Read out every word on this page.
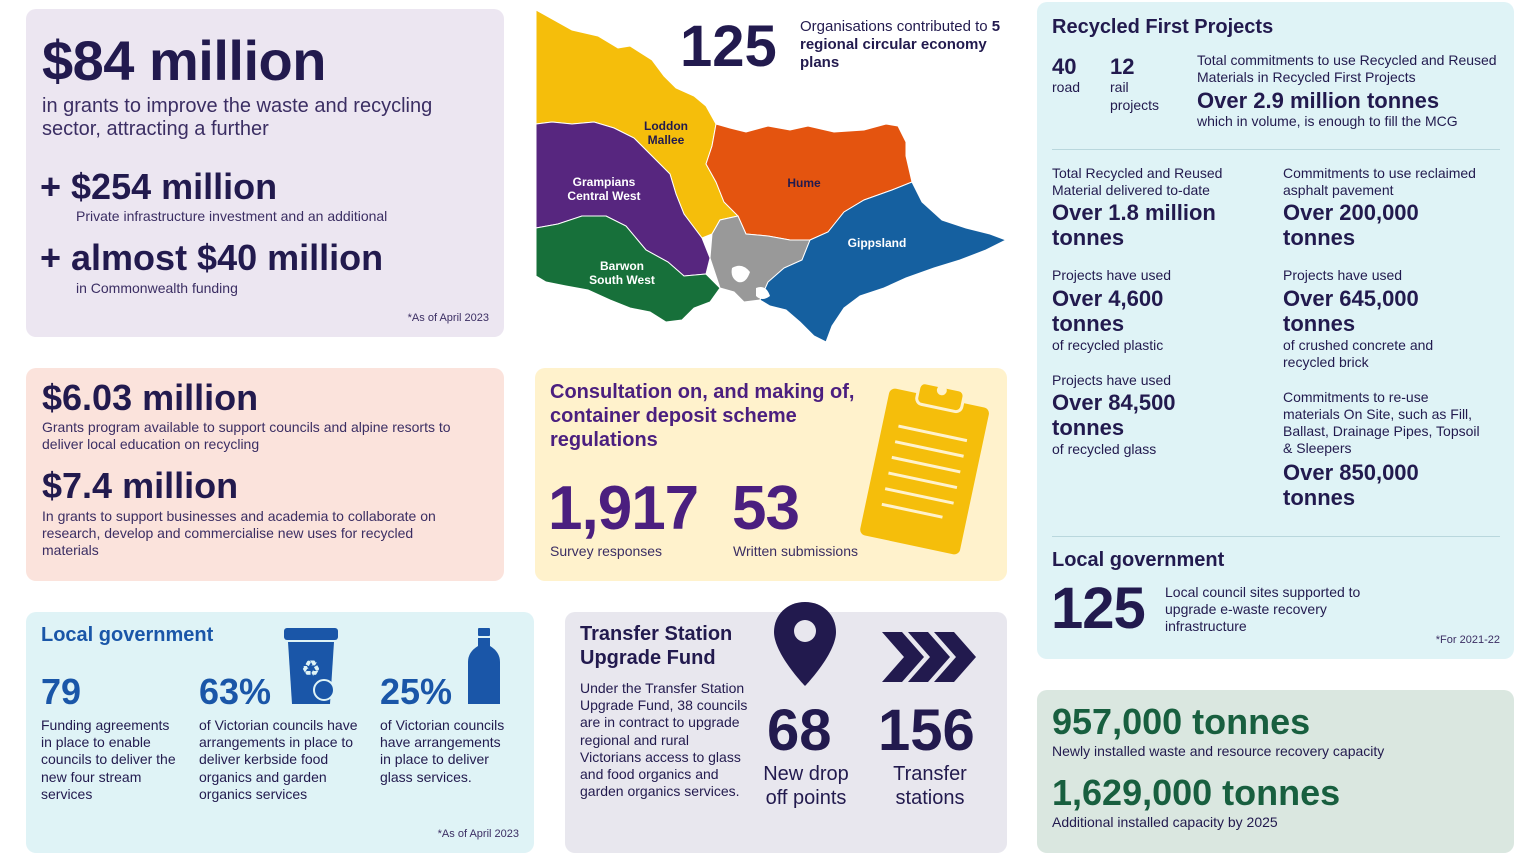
$84 million
in grants to improve the waste and recycling sector, attracting a further
+ $254 million
Private infrastructure investment and an additional
+ almost $40 million
in Commonwealth funding
*As of April 2023
Loddon Mallee
Grampians Central West
Hume
Gippsland
Barwon South West
125 Organisations contributed to 5 regional circular economy plans
$6.03 million
Grants program available to support councils and alpine resorts to deliver local education on recycling
$7.4 million
In grants to support businesses and academia to collaborate on research, develop and commercialise new uses for recycled materials
Consultation on, and making of, container deposit scheme regulations
1,917
Survey responses
53
Written submissions
Local government
79
Funding agreements in place to enable councils to deliver the new four stream services
63%
of Victorian councils have arrangements in place to deliver kerbside food organics and garden organics services
25%
of Victorian councils have arrangements in place to deliver glass services.
♻
*As of April 2023
Transfer Station Upgrade Fund
Under the Transfer Station Upgrade Fund, 38 councils are in contract to upgrade regional and rural Victorians access to glass and food organics and garden organics services.
68
New drop off points
156
Transfer stations
Recycled First Projects
40
road
12
rail projects
Total commitments to use Recycled and Reused Materials in Recycled First Projects
Over 2.9 million tonnes
which in volume, is enough to fill the MCG
Total Recycled and Reused Material delivered to-date
Over 1.8 million tonnes
Commitments to use reclaimed asphalt pavement
Over 200,000 tonnes
Projects have used
Over 4,600 tonnes
of recycled plastic
Projects have used
Over 645,000 tonnes
of crushed concrete and recycled brick
Projects have used
Over 84,500 tonnes
of recycled glass
Commitments to re-use materials On Site, such as Fill, Ballast, Drainage Pipes, Topsoil & Sleepers
Over 850,000 tonnes
Local government
125 Local council sites supported to upgrade e-waste recovery infrastructure
*For 2021-22
957,000 tonnes
Newly installed waste and resource recovery capacity
1,629,000 tonnes
Additional installed capacity by 2025
